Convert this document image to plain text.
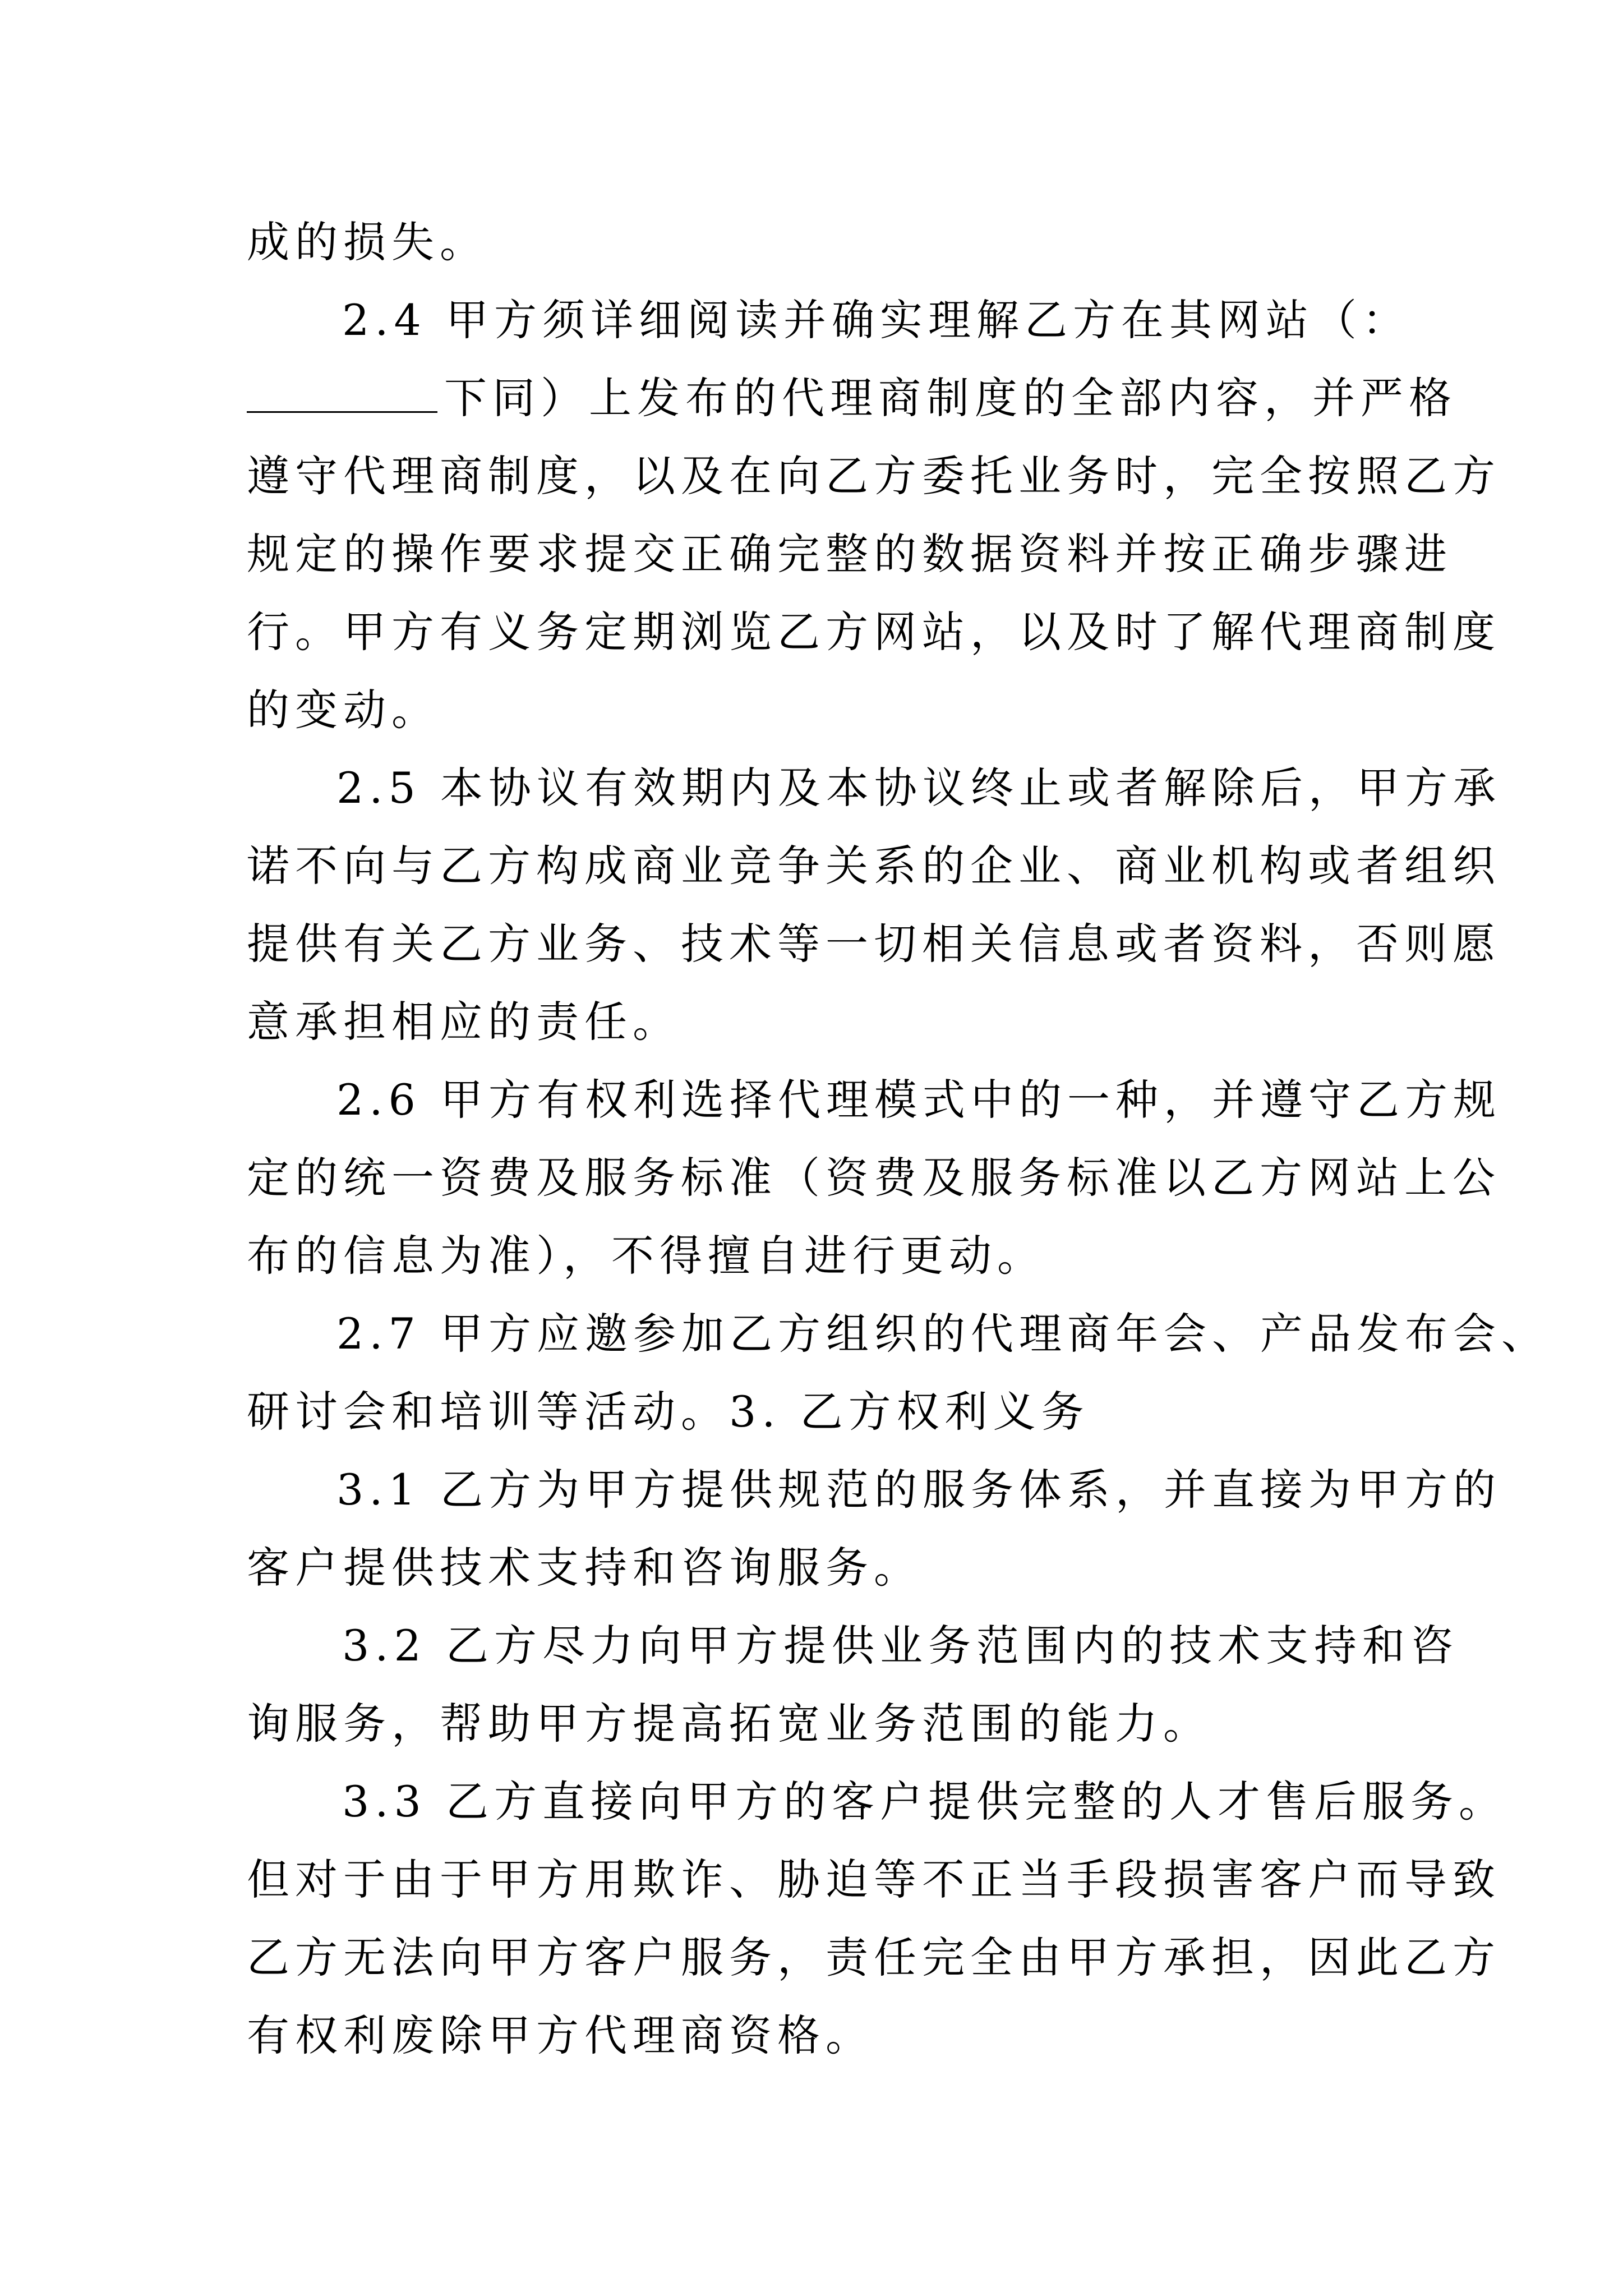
成的损失。
2.4 甲方须详细阅读并确实理解乙方在其网站（：
下同）上发布的代理商制度的全部内容，并严格
遵守代理商制度，以及在向乙方委托业务时，完全按照乙方
规定的操作要求提交正确完整的数据资料并按正确步骤进
行。甲方有义务定期浏览乙方网站，以及时了解代理商制度
的变动。
2.5 本协议有效期内及本协议终止或者解除后，甲方承
诺不向与乙方构成商业竞争关系的企业、商业机构或者组织
提供有关乙方业务、技术等一切相关信息或者资料，否则愿
意承担相应的责任。
2.6 甲方有权利选择代理模式中的一种，并遵守乙方规
定的统一资费及服务标准（资费及服务标准以乙方网站上公
布的信息为准），不得擅自进行更动。
2.7 甲方应邀参加乙方组织的代理商年会、产品发布会、
研讨会和培训等活动。3. 乙方权利义务
3.1 乙方为甲方提供规范的服务体系，并直接为甲方的
客户提供技术支持和咨询服务。
3.2 乙方尽力向甲方提供业务范围内的技术支持和咨
询服务，帮助甲方提高拓宽业务范围的能力。
3.3 乙方直接向甲方的客户提供完整的人才售后服务。
但对于由于甲方用欺诈、胁迫等不正当手段损害客户而导致
乙方无法向甲方客户服务，责任完全由甲方承担，因此乙方
有权利废除甲方代理商资格。
